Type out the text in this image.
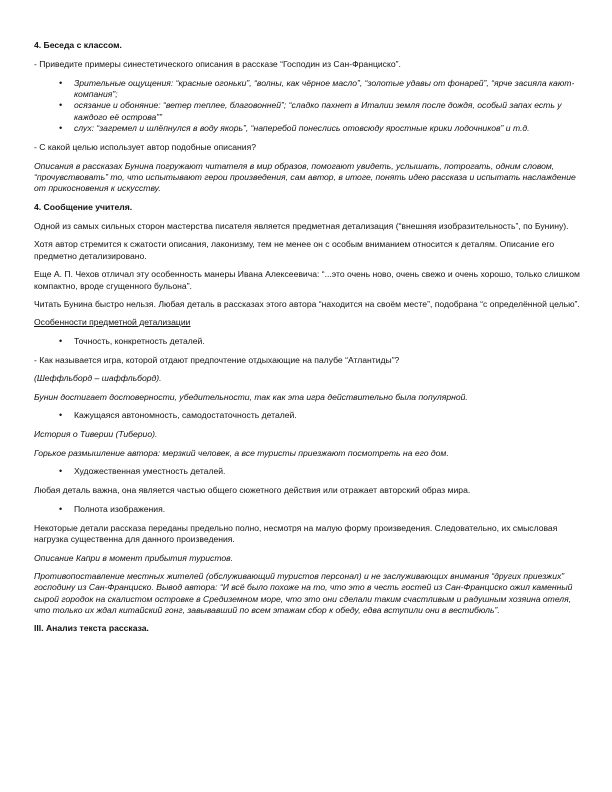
4. Беседа с классом.

- Приведите примеры синестетического описания в рассказе “Господин из Сан-Франциско”.

• Зрительные ощущения: “красные огоньки”, “волны, как чёрное масло”, “золотые удавы от фонарей”, “ярче засияла кают-компания”;
• осязание и обоняние: “ветер теплее, благовонней”; “сладко пахнет в Италии земля после дождя, особый запах есть у каждого её острова””
• слух: “загремел и шлёпнулся в воду якорь”, “наперебой понеслись отовсюду яростные крики лодочников” и т.д.

- С какой целью использует автор подобные описания?

Описания в рассказах Бунина погружают читателя в мир образов, помогают увидеть, услышать, потрогать, одним словом, “прочувствовать” то, что испытывают герои произведения, сам автор, в итоге, понять идею рассказа и испытать наслаждение от прикосновения к искусству.

4. Сообщение учителя.

Одной из самых сильных сторон мастерства писателя является предметная детализация (“внешняя изобразительность”, по Бунину).

Хотя автор стремится к сжатости описания, лаконизму, тем не менее он с особым вниманием относится к деталям. Описание его предметно детализировано.

Еще А. П. Чехов отличал эту особенность манеры Ивана Алексеевича: “...это очень ново, очень свежо и очень хорошо, только слишком компактно, вроде сгущенного бульона”.

Читать Бунина быстро нельзя. Любая деталь в рассказах этого автора “находится на своём месте”, подобрана “с определённой целью”.

Особенности предметной детализации

• Точность, конкретность деталей.

- Как называется игра, которой отдают предпочтение отдыхающие на палубе “Атлантиды”?

(Шеффльборд – шаффльборд).

Бунин достигает достоверности, убедительности, так как эта игра действительно была популярной.

• Кажущаяся автономность, самодостаточность деталей.

История о Тиверии (Тиберио).

Горькое размышление автора: мерзкий человек, а все туристы приезжают посмотреть на его дом.

• Художественная уместность деталей.

Любая деталь важна, она является частью общего сюжетного действия или отражает авторский образ мира.

• Полнота изображения.

Некоторые детали рассказа переданы предельно полно, несмотря на малую форму произведения. Следовательно, их смысловая нагрузка существенна для данного произведения.

Описание Капри в момент прибытия туристов.

Противопоставление местных жителей (обслуживающий туристов персонал) и не заслуживающих внимания “других приезжих” господину из Сан-Франциско. Вывод автора: “И всё было похоже на то, что это в честь гостей из Сан-Франциско ожил каменный сырой городок на скалистом островке в Средиземном море, что это они сделали таким счастливым и радушным хозяина отеля, что только их ждал китайский гонг, завывавший по всем этажам сбор к обеду, едва вступили они в вестибюль”.

III. Анализ текста рассказа.
